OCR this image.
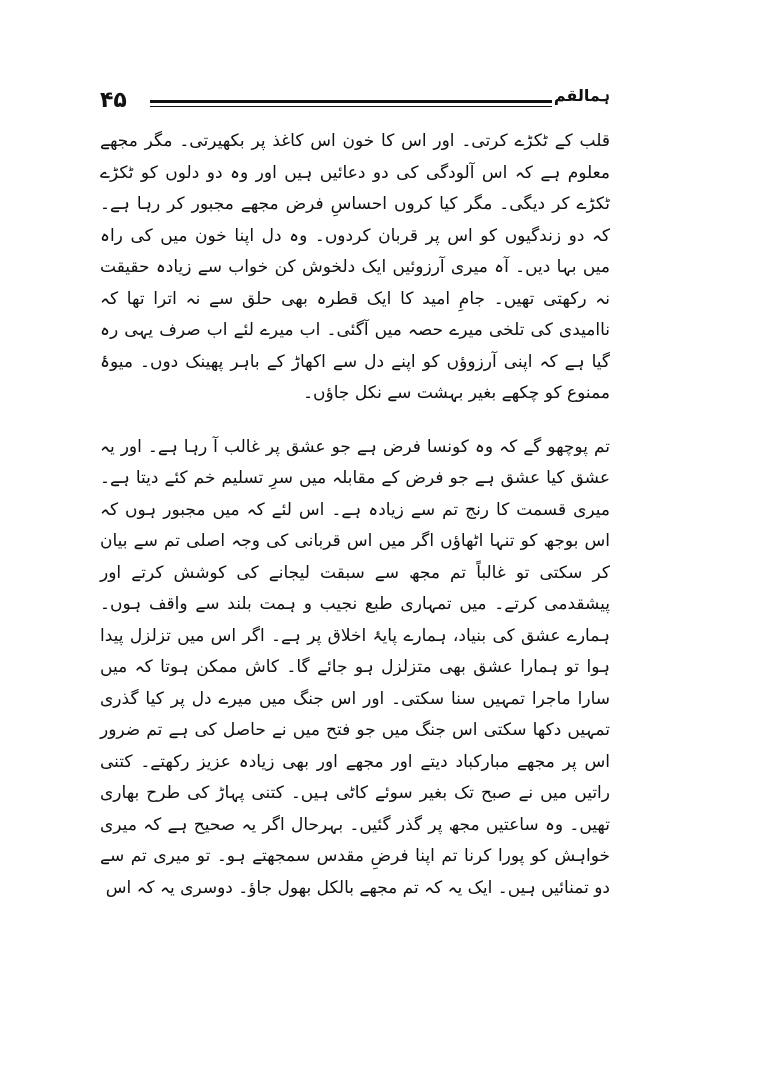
۴۵	ہمالقم

قلب کے ٹکڑے کرتی۔ اور اس کا خون اس کاغذ پر بکھیرتی۔ مگر مجھے معلوم ہے کہ اس آلودگی کی دو دعائیں ہیں اور وہ دو دلوں کو ٹکڑے ٹکڑے کر دیگی۔ مگر کیا کروں احساسِ فرض مجھے مجبور کر رہا ہے۔ کہ دو زندگیوں کو اس پر قربان کردوں۔ وہ دل اپنا خون میں کی راہ میں بہا دیں۔ آہ میری آرزوئیں ایک دلخوش کن خواب سے زیادہ حقیقت نہ رکھتی تھیں۔ جامِ امید کا ایک قطرہ بھی حلق سے نہ اترا تھا کہ ناامیدی کی تلخی میرے حصہ میں آگئی۔ اب میرے لئے اب صرف یہی رہ گیا ہے کہ اپنی آرزوؤں کو اپنے دل سے اکھاڑ کے باہر پھینک دوں۔ میوۂ ممنوع کو چکھے بغیر بہشت سے نکل جاؤں۔

تم پوچھو گے کہ وہ کونسا فرض ہے جو عشق پر غالب آ رہا ہے۔ اور یہ عشق کیا عشق ہے جو فرض کے مقابلہ میں سرِ تسلیم خم کئے دیتا ہے۔ میری قسمت کا رنج تم سے زیادہ ہے۔ اس لئے کہ میں مجبور ہوں کہ اس بوجھ کو تنہا اٹھاؤں اگر میں اس قربانی کی وجہ اصلی تم سے بیان کر سکتی تو غالباً تم مجھ سے سبقت لیجانے کی کوشش کرتے اور پیشقدمی کرتے۔ میں تمہاری طبع نجیب و ہمت بلند سے واقف ہوں۔ ہمارے عشق کی بنیاد، ہمارے پایۂ اخلاق پر ہے۔ اگر اس میں تزلزل پیدا ہوا تو ہمارا عشق بھی متزلزل ہو جائے گا۔ کاش ممکن ہوتا کہ میں سارا ماجرا تمہیں سنا سکتی۔ اور اس جنگ میں میرے دل پر کیا گذری تمہیں دکھا سکتی اس جنگ میں جو فتح میں نے حاصل کی ہے تم ضرور اس پر مجھے مبارکباد دیتے اور مجھے اور بھی زیادہ عزیز رکھتے۔ کتنی راتیں میں نے صبح تک بغیر سوئے کاٹی ہیں۔ کتنی پہاڑ کی طرح بھاری تھیں۔ وہ ساعتیں مجھ پر گذر گئیں۔ بہرحال اگر یہ صحیح ہے کہ میری خواہش کو پورا کرنا تم اپنا فرضِ مقدس سمجھتے ہو۔ تو میری تم سے دو تمنائیں ہیں۔ ایک یہ کہ تم مجھے بالکل بھول جاؤ۔ دوسری یہ کہ اس
